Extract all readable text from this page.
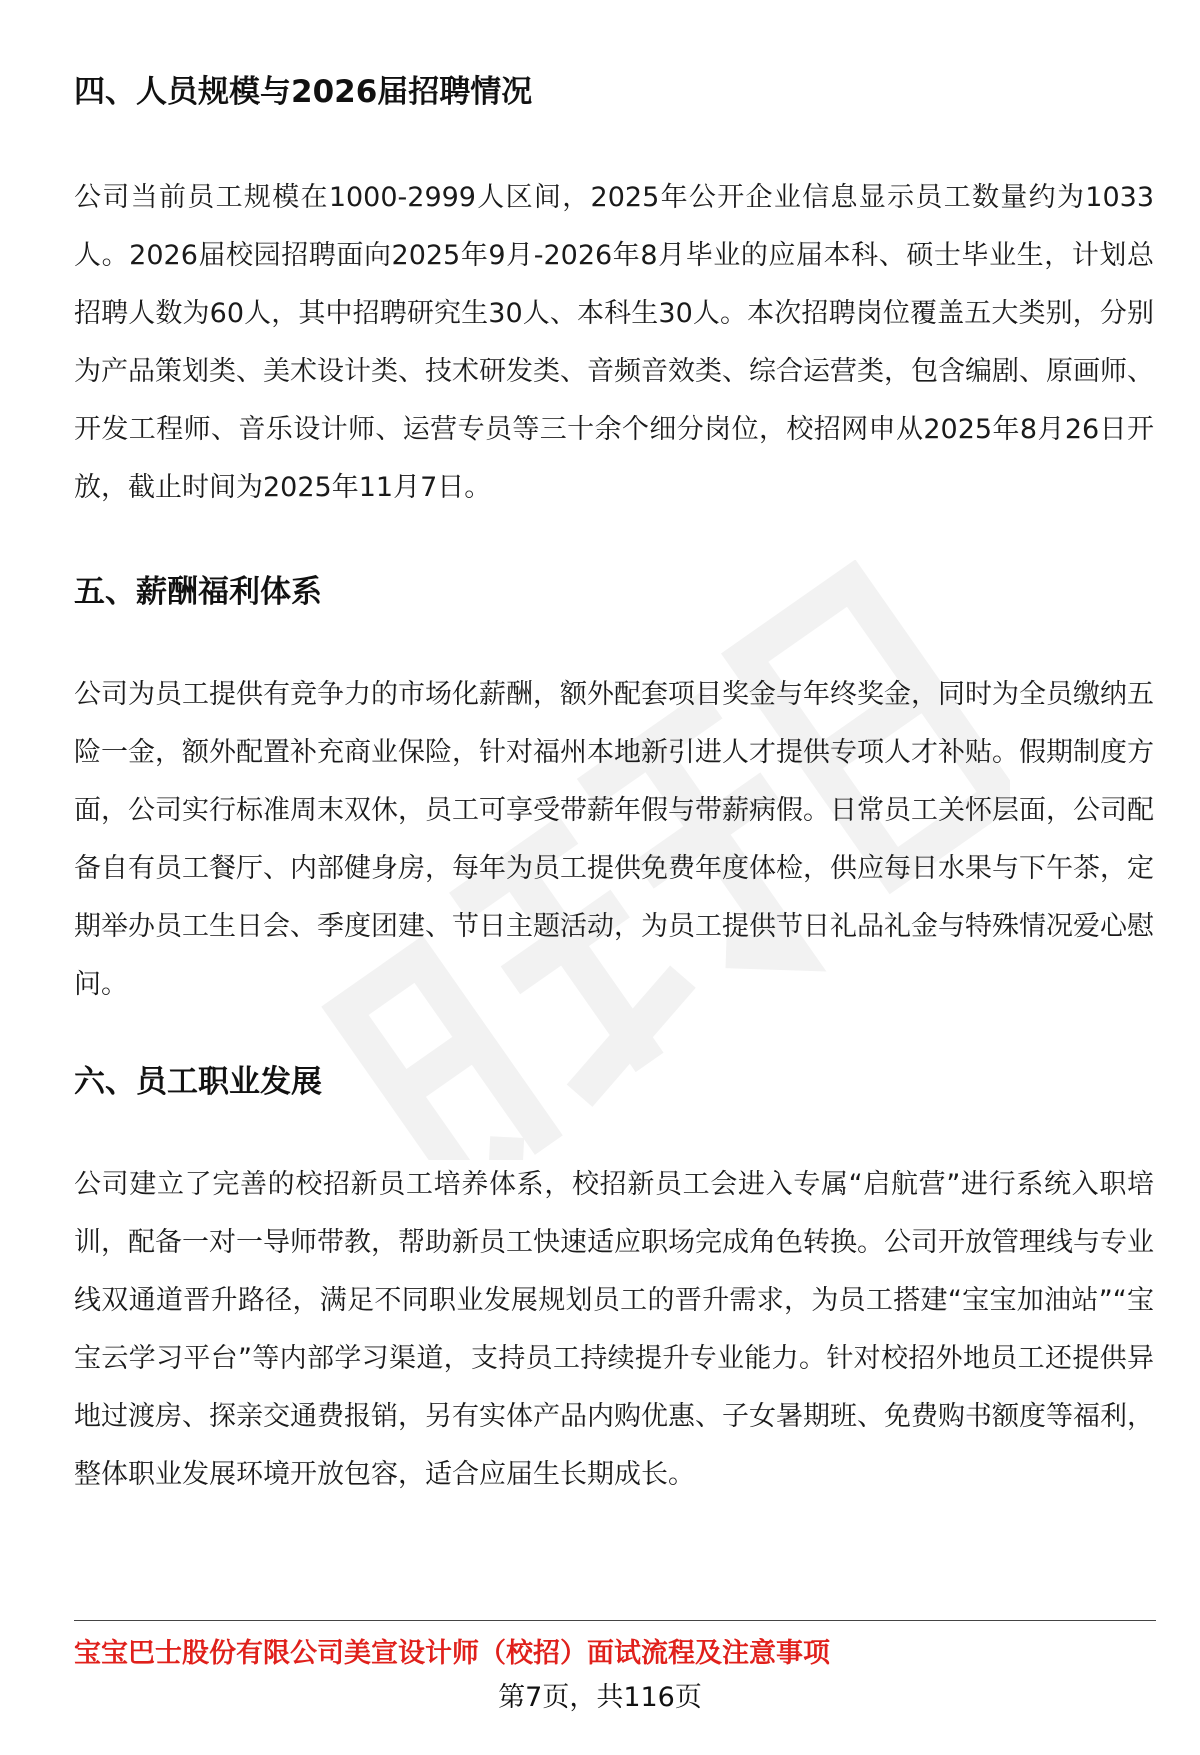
四、人员规模与2026届招聘情况

公司当前员工规模在1000-2999人区间，2025年公开企业信息显示员工数量约为1033人。2026届校园招聘面向2025年9月-2026年8月毕业的应届本科、硕士毕业生，计划总招聘人数为60人，其中招聘研究生30人、本科生30人。本次招聘岗位覆盖五大类别，分别为产品策划类、美术设计类、技术研发类、音频音效类、综合运营类，包含编剧、原画师、开发工程师、音乐设计师、运营专员等三十余个细分岗位，校招网申从2025年8月26日开放，截止时间为2025年11月7日。

五、薪酬福利体系

公司为员工提供有竞争力的市场化薪酬，额外配套项目奖金与年终奖金，同时为全员缴纳五险一金，额外配置补充商业保险，针对福州本地新引进人才提供专项人才补贴。假期制度方面，公司实行标准周末双休，员工可享受带薪年假与带薪病假。日常员工关怀层面，公司配备自有员工餐厅、内部健身房，每年为员工提供免费年度体检，供应每日水果与下午茶，定期举办员工生日会、季度团建、节日主题活动，为员工提供节日礼品礼金与特殊情况爱心慰问。

六、员工职业发展

公司建立了完善的校招新员工培养体系，校招新员工会进入专属“启航营”进行系统入职培训，配备一对一导师带教，帮助新员工快速适应职场完成角色转换。公司开放管理线与专业线双通道晋升路径，满足不同职业发展规划员工的晋升需求，为员工搭建“宝宝加油站”“宝宝云学习平台”等内部学习渠道，支持员工持续提升专业能力。针对校招外地员工还提供异地过渡房、探亲交通费报销，另有实体产品内购优惠、子女暑期班、免费购书额度等福利，整体职业发展环境开放包容，适合应届生长期成长。

宝宝巴士股份有限公司美宣设计师（校招）面试流程及注意事项
第7页，共116页
